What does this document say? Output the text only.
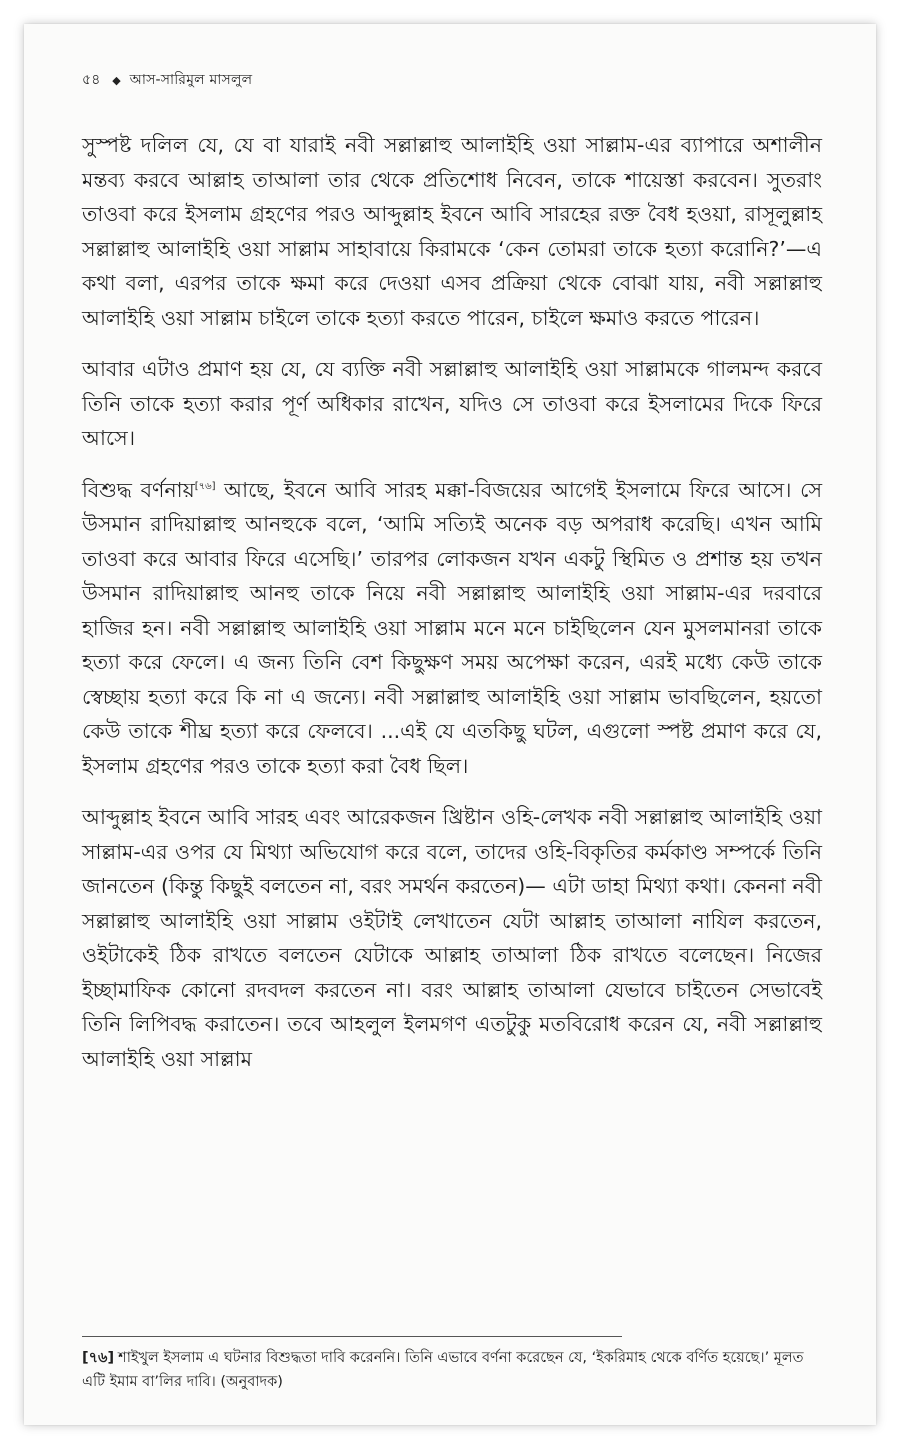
৫৪ ◆ আস-সারিমুল মাসলুল

সুস্পষ্ট দলিল যে, যে বা যারাই নবী সল্লাল্লাহু আলাইহি ওয়া সাল্লাম-এর ব্যাপারে অশালীন মন্তব্য করবে আল্লাহ তাআলা তার থেকে প্রতিশোধ নিবেন, তাকে শায়েস্তা করবেন। সুতরাং তাওবা করে ইসলাম গ্রহণের পরও আব্দুল্লাহ ইবনে আবি সারহের রক্ত বৈধ হওয়া, রাসূলুল্লাহ সল্লাল্লাহু আলাইহি ওয়া সাল্লাম সাহাবায়ে কিরামকে ‘কেন তোমরা তাকে হত্যা করোনি?’—এ কথা বলা, এরপর তাকে ক্ষমা করে দেওয়া এসব প্রক্রিয়া থেকে বোঝা যায়, নবী সল্লাল্লাহু আলাইহি ওয়া সাল্লাম চাইলে তাকে হত্যা করতে পারেন, চাইলে ক্ষমাও করতে পারেন।

আবার এটাও প্রমাণ হয় যে, যে ব্যক্তি নবী সল্লাল্লাহু আলাইহি ওয়া সাল্লামকে গালমন্দ করবে তিনি তাকে হত্যা করার পূর্ণ অধিকার রাখেন, যদিও সে তাওবা করে ইসলামের দিকে ফিরে আসে।

বিশুদ্ধ বর্ণনায়[৭৬] আছে, ইবনে আবি সারহ মক্কা-বিজয়ের আগেই ইসলামে ফিরে আসে। সে উসমান রাদিয়াল্লাহু আনহুকে বলে, ‘আমি সত্যিই অনেক বড় অপরাধ করেছি। এখন আমি তাওবা করে আবার ফিরে এসেছি।’ তারপর লোকজন যখন একটু স্থিমিত ও প্রশান্ত হয় তখন উসমান রাদিয়াল্লাহু আনহু তাকে নিয়ে নবী সল্লাল্লাহু আলাইহি ওয়া সাল্লাম-এর দরবারে হাজির হন। নবী সল্লাল্লাহু আলাইহি ওয়া সাল্লাম মনে মনে চাইছিলেন যেন মুসলমানরা তাকে হত্যা করে ফেলে। এ জন্য তিনি বেশ কিছুক্ষণ সময় অপেক্ষা করেন, এরই মধ্যে কেউ তাকে স্বেচ্ছায় হত্যা করে কি না এ জন্যে। নবী সল্লাল্লাহু আলাইহি ওয়া সাল্লাম ভাবছিলেন, হয়তো কেউ তাকে শীঘ্র হত্যা করে ফেলবে। ...এই যে এতকিছু ঘটল, এগুলো স্পষ্ট প্রমাণ করে যে, ইসলাম গ্রহণের পরও তাকে হত্যা করা বৈধ ছিল।

আব্দুল্লাহ ইবনে আবি সারহ এবং আরেকজন খ্রিষ্টান ওহি-লেখক নবী সল্লাল্লাহু আলাইহি ওয়া সাল্লাম-এর ওপর যে মিথ্যা অভিযোগ করে বলে, তাদের ওহি-বিকৃতির কর্মকাণ্ড সম্পর্কে তিনি জানতেন (কিন্তু কিছুই বলতেন না, বরং সমর্থন করতেন)— এটা ডাহা মিথ্যা কথা। কেননা নবী সল্লাল্লাহু আলাইহি ওয়া সাল্লাম ওইটাই লেখাতেন যেটা আল্লাহ তাআলা নাযিল করতেন, ওইটাকেই ঠিক রাখতে বলতেন যেটাকে আল্লাহ তাআলা ঠিক রাখতে বলেছেন। নিজের ইচ্ছামাফিক কোনো রদবদল করতেন না। বরং আল্লাহ তাআলা যেভাবে চাইতেন সেভাবেই তিনি লিপিবদ্ধ করাতেন। তবে আহলুল ইলমগণ এতটুকু মতবিরোধ করেন যে, নবী সল্লাল্লাহু আলাইহি ওয়া সাল্লাম

[৭৬] শাইখুল ইসলাম এ ঘটনার বিশুদ্ধতা দাবি করেননি। তিনি এভাবে বর্ণনা করেছেন যে, ‘ইকরিমাহ থেকে বর্ণিত হয়েছে।’ মূলত এটি ইমাম বা’লির দাবি। (অনুবাদক)
